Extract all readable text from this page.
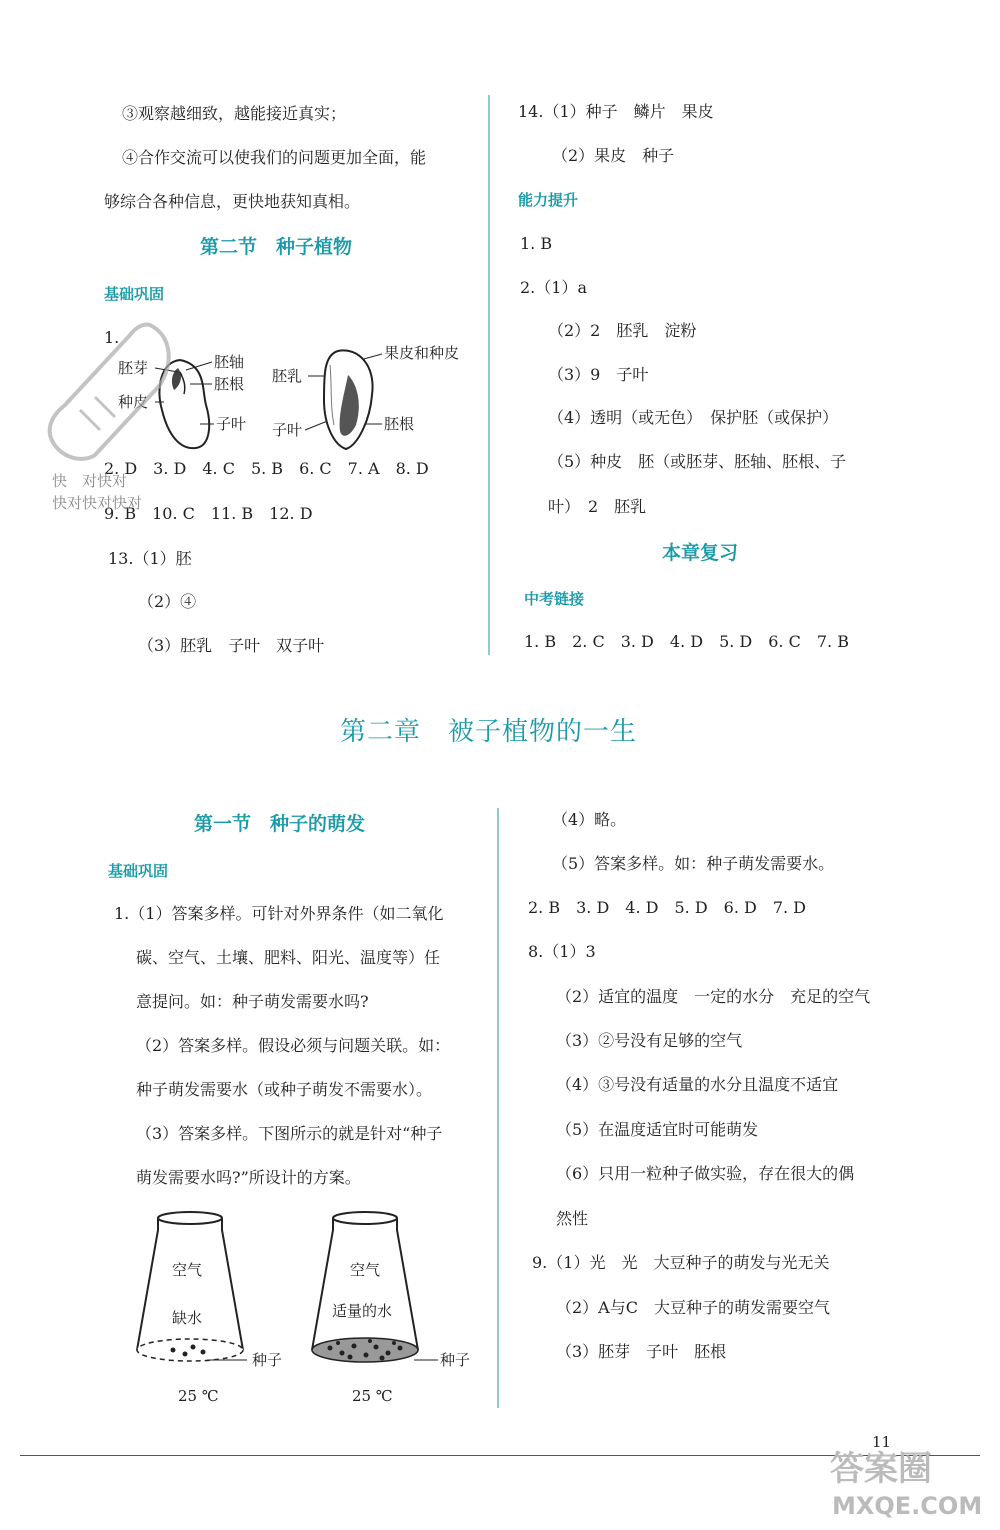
③观察越细致，越能接近真实；
④合作交流可以使我们的问题更加全面，能
够综合各种信息，更快地获知真相。
第二节　种子植物
基础巩固
1.
胚芽	胚轴
胚根
种皮
子叶
胚乳
果皮和种皮
子叶	胚根
2. D　3. D　4. C　5. B　6. C　7. A　8. D
9. B　10. C　11. B　12. D
13.（1）胚
（2）④
（3）胚乳　子叶　双子叶
快　对快对
快对快对快对
14.（1）种子　鳞片　果皮
（2）果皮　种子
能力提升
1. B
2.（1）a
（2）2　胚乳　淀粉
（3）9　子叶
（4）透明（或无色）　保护胚（或保护）
（5）种皮　胚（或胚芽、胚轴、胚根、子
叶）　2　胚乳
本章复习
中考链接
1. B　2. C　3. D　4. D　5. D　6. C　7. B
第二章　被子植物的一生
第一节　种子的萌发
基础巩固
1.（1）答案多样。可针对外界条件（如二氧化
碳、空气、土壤、肥料、阳光、温度等）任
意提问。如：种子萌发需要水吗?
（2）答案多样。假设必须与问题关联。如：
种子萌发需要水（或种子萌发不需要水）。
（3）答案多样。下图所示的就是针对“种子
萌发需要水吗?”所设计的方案。
空气
缺水
种子
25 ℃
空气
适量的水
种子
25 ℃
（4）略。
（5）答案多样。如：种子萌发需要水。
2. B　3. D　4. D　5. D　6. D　7. D
8.（1）3
（2）适宜的温度　一定的水分　充足的空气
（3）②号没有足够的空气
（4）③号没有适量的水分且温度不适宜
（5）在温度适宜时可能萌发
（6）只用一粒种子做实验，存在很大的偶
然性
9.（1）光　光　大豆种子的萌发与光无关
（2）A与C　大豆种子的萌发需要空气
（3）胚芽　子叶　胚根
11
答案圈
MXQE.COM
